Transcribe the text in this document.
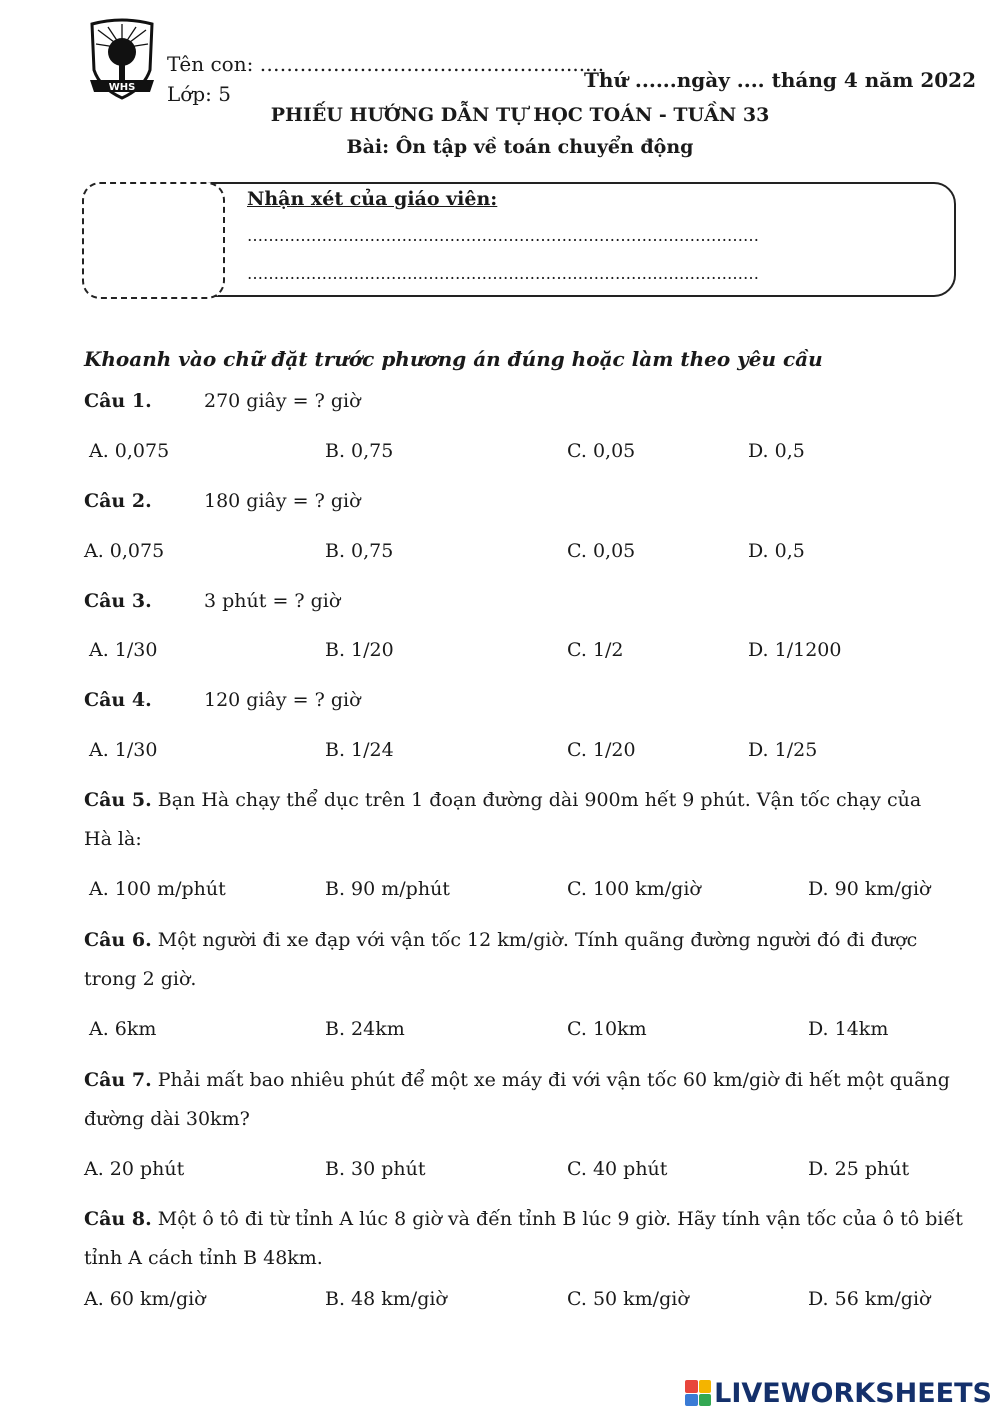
WHS
Tên con: ……………………………………….......
Lớp: 5
Thứ ......ngày .... tháng 4 năm 2022
PHIẾU HƯỚNG DẪN TỰ HỌC TOÁN - TUẦN 33
Bài: Ôn tập về toán chuyển động
Nhận xét của giáo viên:
……………………………………………………………………………………
……………………………………………………………………………………
Khoanh vào chữ đặt trước phương án đúng hoặc làm theo yêu cầu
Câu 1.	270 giây = ? giờ
A. 0,075	B. 0,75	C. 0,05	D. 0,5
Câu 2.	180 giây = ? giờ
A. 0,075	B. 0,75	C. 0,05	D. 0,5
Câu 3.	3 phút = ? giờ
A. 1/30	B. 1/20	C. 1/2	D. 1/1200
Câu 4.	120 giây = ? giờ
A. 1/30	B. 1/24	C. 1/20	D. 1/25
Câu 5. Bạn Hà chạy thể dục trên 1 đoạn đường dài 900m hết 9 phút. Vận tốc chạy của
Hà là:
A. 100 m/phút	B. 90 m/phút	C. 100 km/giờ	D. 90 km/giờ
Câu 6. Một người đi xe đạp với vận tốc 12 km/giờ. Tính quãng đường người đó đi được
trong 2 giờ.
A. 6km	B. 24km	C. 10km	D. 14km
Câu 7. Phải mất bao nhiêu phút để một xe máy đi với vận tốc 60 km/giờ đi hết một quãng
đường dài 30km?
A. 20 phút	B. 30 phút	C. 40 phút	D. 25 phút
Câu 8. Một ô tô đi từ tỉnh A lúc 8 giờ và đến tỉnh B lúc 9 giờ. Hãy tính vận tốc của ô tô biết
tỉnh A cách tỉnh B 48km.
A. 60 km/giờ	B. 48 km/giờ	C. 50 km/giờ	D. 56 km/giờ
LIVEWORKSHEETS
